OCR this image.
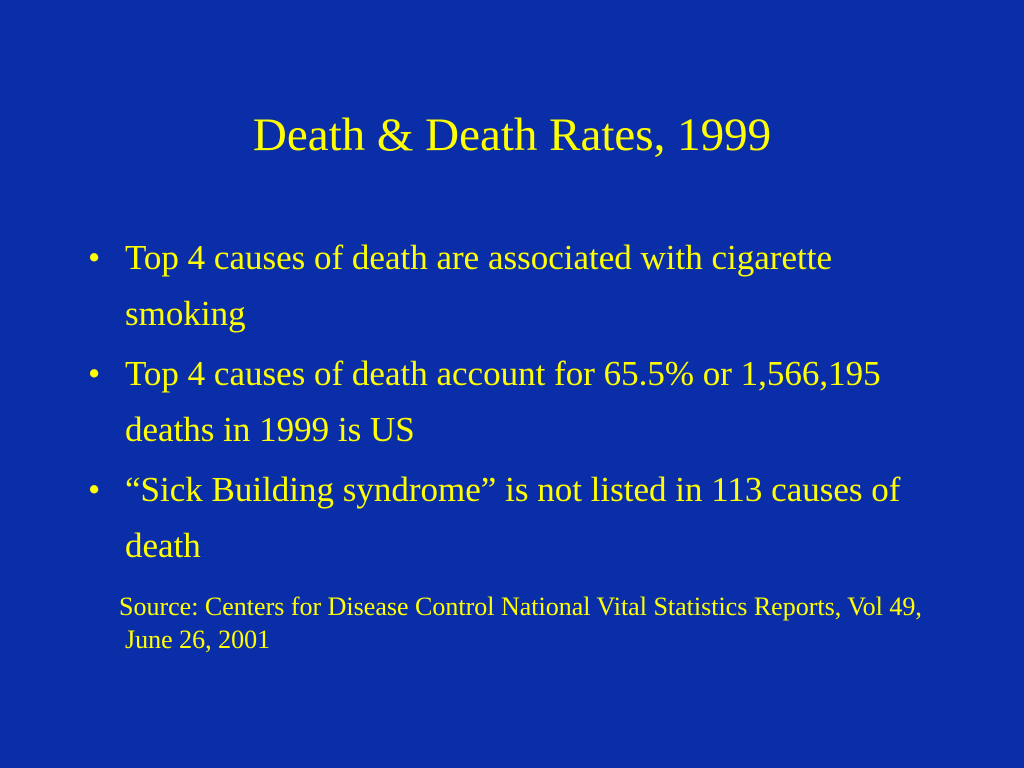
Death & Death Rates, 1999
• Top 4 causes of death are associated with cigarette smoking
• Top 4 causes of death account for 65.5% or 1,566,195 deaths in 1999 is US
• “Sick Building syndrome” is not listed in 113 causes of death

Source: Centers for Disease Control National Vital Statistics Reports, Vol 49, June 26, 2001
